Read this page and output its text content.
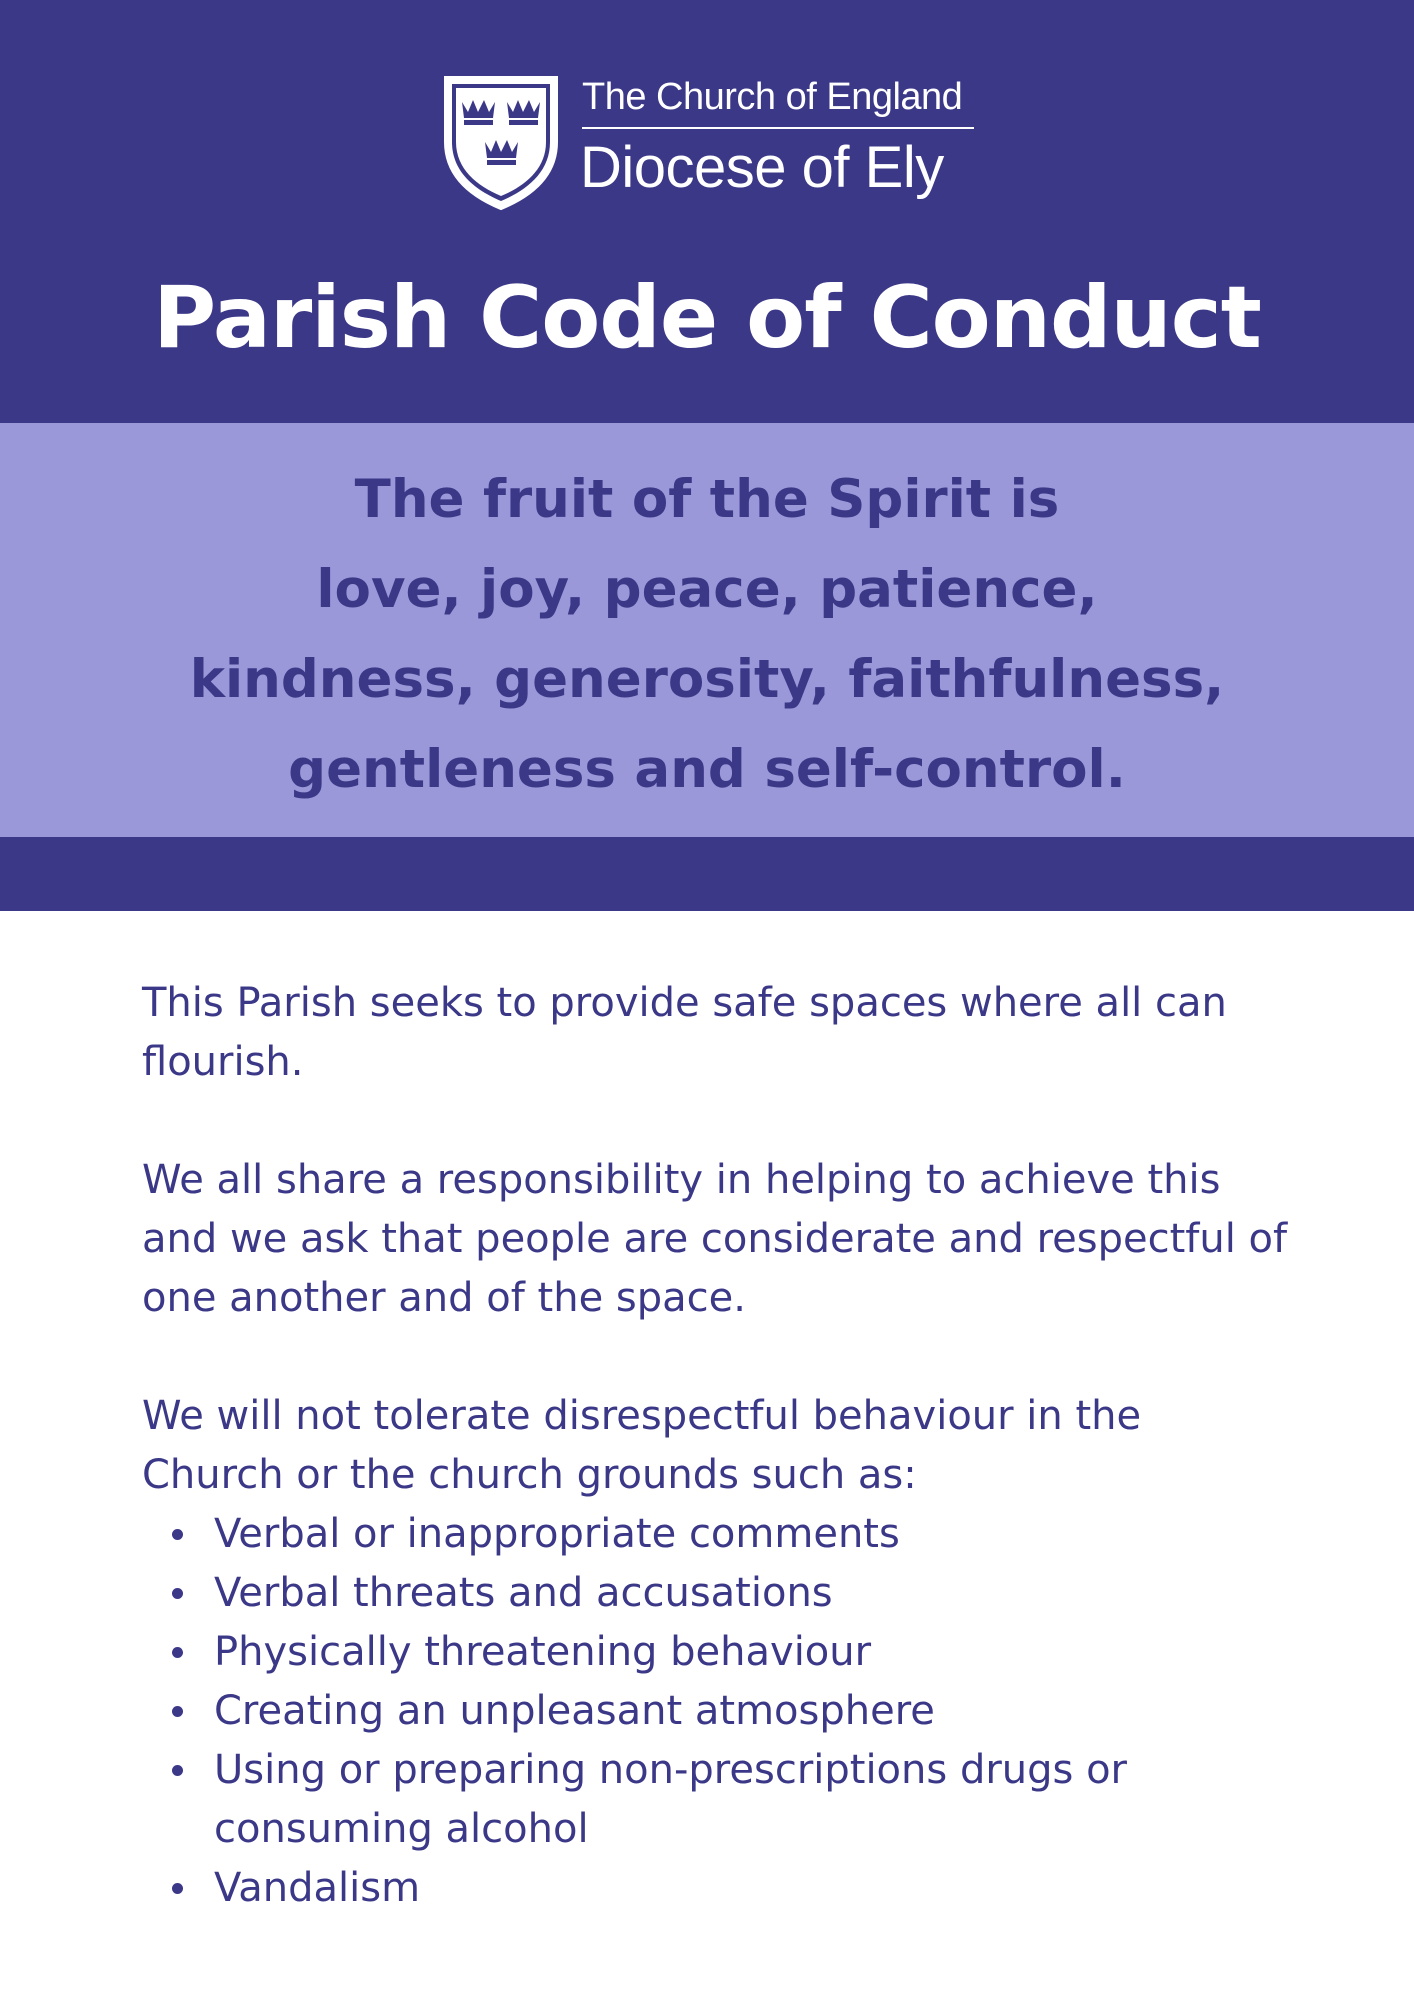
The Church of England
Diocese of Ely
Parish Code of Conduct
The fruit of the Spirit is
love, joy, peace, patience,
kindness, generosity, faithfulness,
gentleness and self-control.

This Parish seeks to provide safe spaces where all can flourish.

We all share a responsibility in helping to achieve this and we ask that people are considerate and respectful of one another and of the space.

We will not tolerate disrespectful behaviour in the Church or the church grounds such as:

Verbal or inappropriate comments
Verbal threats and accusations
Physically threatening behaviour
Creating an unpleasant atmosphere
Using or preparing non-prescriptions drugs or consuming alcohol
Vandalism
